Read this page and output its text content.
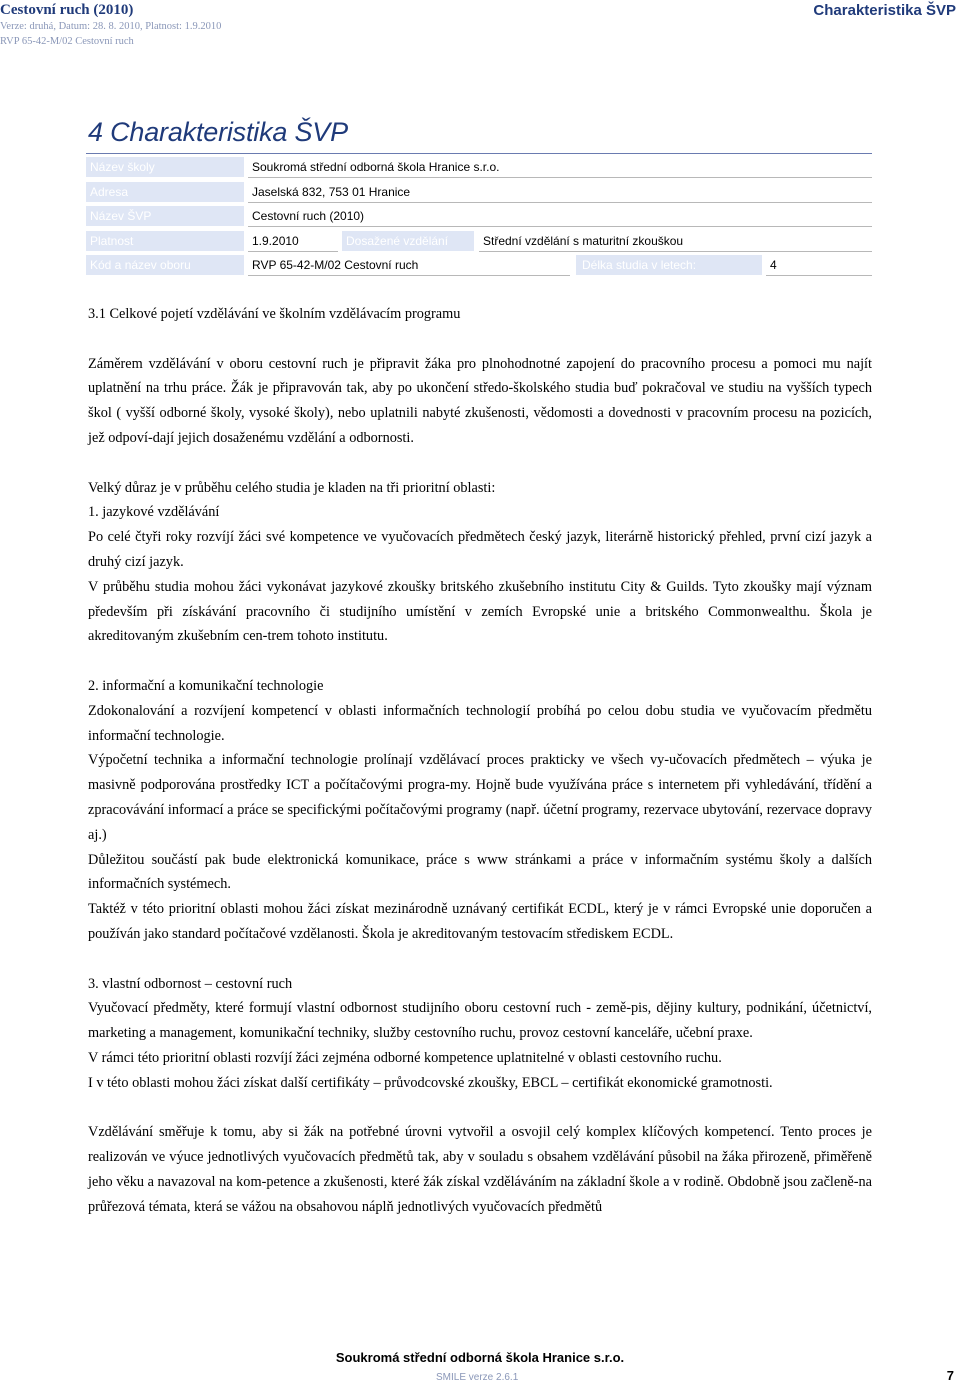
Cestovní ruch (2010)
Verze: druhá, Datum: 28. 8. 2010, Platnost: 1.9.2010
RVP 65-42-M/02 Cestovní ruch
Charakteristika ŠVP
4 Charakteristika ŠVP
Název školy	Soukromá střední odborná škola Hranice s.r.o.
Adresa	Jaselská 832, 753 01 Hranice
Název ŠVP	Cestovní ruch (2010)
Platnost	1.9.2010	Dosažené vzdělání	Střední vzdělání s maturitní zkouškou
Kód a název oboru	RVP 65-42-M/02 Cestovní ruch	Délka studia v letech:	4

3.1 Celkové pojetí vzdělávání ve školním vzdělávacím programu

Záměrem vzdělávání v oboru cestovní ruch je připravit žáka pro plnohodnotné zapojení do pracovního procesu a pomoci mu najít uplatnění na trhu práce. Žák je připravován tak, aby po ukončení středo-školského studia buď pokračoval ve studiu na vyšších typech škol ( vyšší odborné školy, vysoké školy), nebo uplatnili nabyté zkušenosti, vědomosti a dovednosti v pracovním procesu na pozicích, jež odpoví-dají jejich dosaženému vzdělání a odbornosti.

Velký důraz je v průběhu celého studia je kladen na tři prioritní oblasti:

1. jazykové vzdělávání

Po celé čtyři roky rozvíjí žáci své kompetence ve vyučovacích předmětech český jazyk, literárně historický přehled, první cizí jazyk a druhý cizí jazyk.

V průběhu studia mohou žáci vykonávat jazykové zkoušky britského zkušebního institutu City & Guilds. Tyto zkoušky mají význam především při získávání pracovního či studijního umístění v zemích Evropské unie a britského Commonwealthu. Škola je akreditovaným zkušebním cen-trem tohoto institutu.

2. informační a komunikační technologie

Zdokonalování a rozvíjení kompetencí v oblasti informačních technologií probíhá po celou dobu studia ve vyučovacím předmětu informační technologie.

Výpočetní technika a informační technologie prolínají vzdělávací proces prakticky ve všech vy-učovacích předmětech – výuka je masivně podporována prostředky ICT a počítačovými progra-my. Hojně bude využívána práce s internetem při vyhledávání, třídění a zpracovávání informací a práce se specifickými počítačovými programy (např. účetní programy, rezervace ubytování, rezervace dopravy aj.)

Důležitou součástí pak bude elektronická komunikace, práce s www stránkami a práce v informačním systému školy a dalších informačních systémech.

Taktéž v této prioritní oblasti mohou žáci získat mezinárodně uznávaný certifikát ECDL, který je v rámci Evropské unie doporučen a používán jako standard počítačové vzdělanosti. Škola je akreditovaným testovacím střediskem ECDL.

3. vlastní odbornost – cestovní ruch

Vyučovací předměty, které formují vlastní odbornost studijního oboru cestovní ruch - země-pis, dějiny kultury, podnikání, účetnictví, marketing a management, komunikační techniky, služby cestovního ruchu, provoz cestovní kanceláře, učební praxe.

V rámci této prioritní oblasti rozvíjí žáci zejména odborné kompetence uplatnitelné v oblasti cestovního ruchu.

I v této oblasti mohou žáci získat další certifikáty – průvodcovské zkoušky, EBCL – certifikát ekonomické gramotnosti.

Vzdělávání směřuje k tomu, aby si žák na potřebné úrovni vytvořil a osvojil celý komplex klíčových kompetencí. Tento proces je realizován ve výuce jednotlivých vyučovacích předmětů tak, aby v souladu s obsahem vzdělávání působil na žáka přirozeně, přiměřeně jeho věku a navazoval na kom-petence a zkušenosti, které žák získal vzděláváním na základní škole a v rodině. Obdobně jsou začleně-na průřezová témata, která se vážou na obsahovou náplň jednotlivých vyučovacích předmětů

Soukromá střední odborná škola Hranice s.r.o.
SMILE verze 2.6.1	7
